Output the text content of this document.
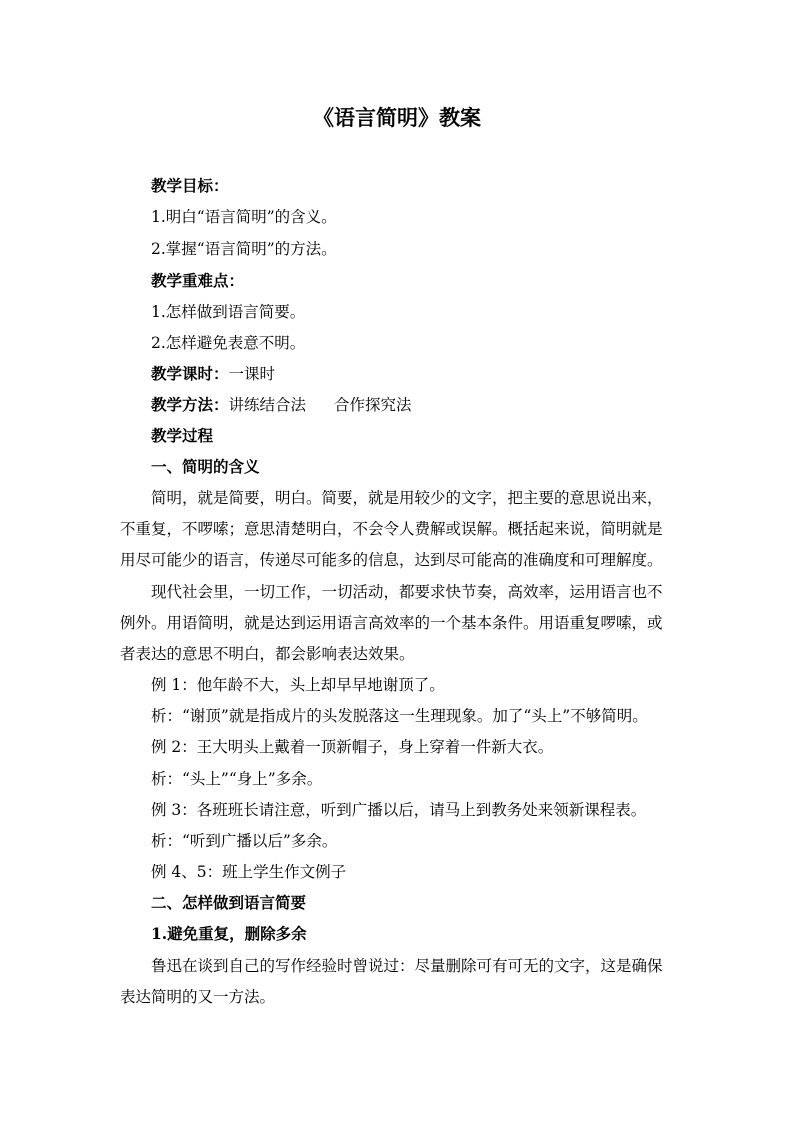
《语言简明》教案
教学目标：
1.明白“语言简明”的含义。
2.掌握“语言简明”的方法。
教学重难点：
1.怎样做到语言简要。
2.怎样避免表意不明。
教学课时：一课时
教学方法：讲练结合法 合作探究法
教学过程
一、简明的含义
简明，就是简要，明白。简要，就是用较少的文字，把主要的意思说出来，
不重复，不啰嗦；意思清楚明白，不会令人费解或误解。概括起来说，简明就是
用尽可能少的语言，传递尽可能多的信息，达到尽可能高的准确度和可理解度。
现代社会里，一切工作，一切活动，都要求快节奏，高效率，运用语言也不
例外。用语简明，就是达到运用语言高效率的一个基本条件。用语重复啰嗦，或
者表达的意思不明白，都会影响表达效果。
例 1：他年龄不大，头上却早早地谢顶了。
析：“谢顶”就是指成片的头发脱落这一生理现象。加了“头上”不够简明。
例 2：王大明头上戴着一顶新帽子，身上穿着一件新大衣。
析：“头上”“身上”多余。
例 3：各班班长请注意，听到广播以后，请马上到教务处来领新课程表。
析：“听到广播以后”多余。
例 4、5：班上学生作文例子
二、怎样做到语言简要
1.避免重复，删除多余
鲁迅在谈到自己的写作经验时曾说过：尽量删除可有可无的文字，这是确保
表达简明的又一方法。
